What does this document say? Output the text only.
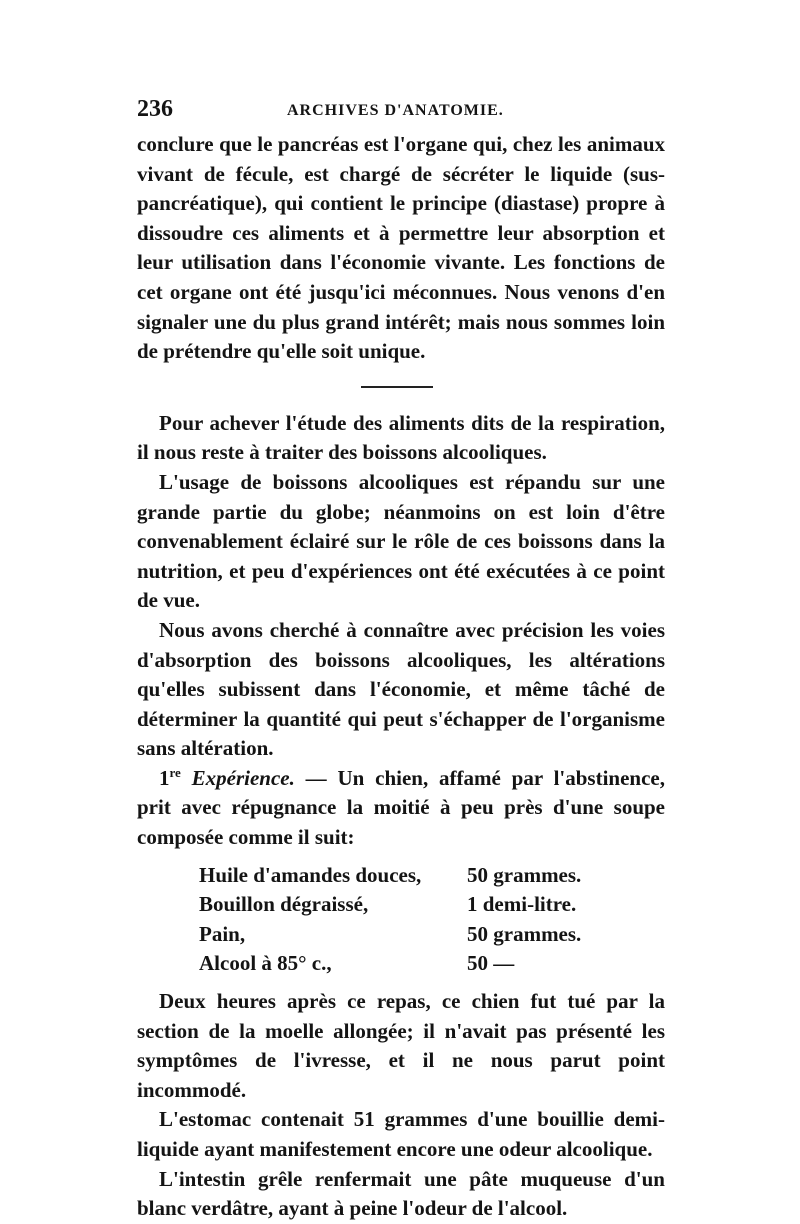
236	ARCHIVES D'ANATOMIE.

conclure que le pancréas est l'organe qui, chez les animaux vivant de fécule, est chargé de sécréter le liquide (sus-pancréatique), qui contient le principe (diastase) propre à dissoudre ces aliments et à permettre leur absorption et leur utilisation dans l'économie vivante. Les fonctions de cet organe ont été jusqu'ici méconnues. Nous venons d'en signaler une du plus grand intérêt; mais nous sommes loin de prétendre qu'elle soit unique.

Pour achever l'étude des aliments dits de la respiration, il nous reste à traiter des boissons alcooliques.

L'usage de boissons alcooliques est répandu sur une grande partie du globe; néanmoins on est loin d'être convenablement éclairé sur le rôle de ces boissons dans la nutrition, et peu d'expériences ont été exécutées à ce point de vue.

Nous avons cherché à connaître avec précision les voies d'absorption des boissons alcooliques, les altérations qu'elles subissent dans l'économie, et même tâché de déterminer la quantité qui peut s'échapper de l'organisme sans altération.

1re Expérience. — Un chien, affamé par l'abstinence, prit avec répugnance la moitié à peu près d'une soupe composée comme il suit:

Huile d'amandes douces,	50 grammes.
Bouillon dégraissé,	1 demi-litre.
Pain,	50 grammes.
Alcool à 85° c.,	50 —

Deux heures après ce repas, ce chien fut tué par la section de la moelle allongée; il n'avait pas présenté les symptômes de l'ivresse, et il ne nous parut point incommodé.

L'estomac contenait 51 grammes d'une bouillie demi-liquide ayant manifestement encore une odeur alcoolique.

L'intestin grêle renfermait une pâte muqueuse d'un blanc verdâtre, ayant à peine l'odeur de l'alcool.
